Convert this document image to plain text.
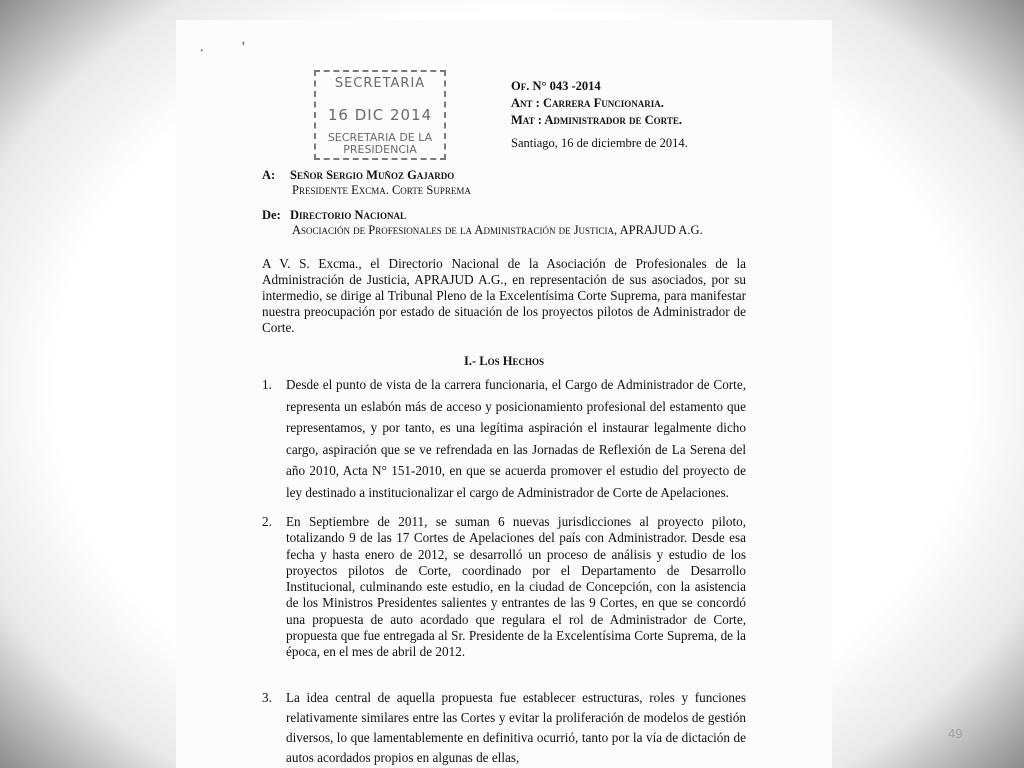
.           '
SECRETARIA
16 DIC 2014
SECRETARIA DE LA PRESIDENCIA
Of. N° 043 -2014
Ant : Carrera Funcionaria.
Mat : Administrador de Corte.
Santiago, 16 de diciembre de 2014.
A: Señor Sergio Muñoz Gajardo
Presidente Excma. Corte Suprema
De: Directorio Nacional
Asociación de Profesionales de la Administración de Justicia, APRAJUD A.G.
A V. S. Excma., el Directorio Nacional de la Asociación de Profesionales de la Administración de Justicia, APRAJUD A.G., en representación de sus asociados, por su intermedio, se dirige al Tribunal Pleno de la Excelentísima Corte Suprema, para manifestar nuestra preocupación por estado de situación de los proyectos pilotos de Administrador de Corte.
I.- Los Hechos
1. Desde el punto de vista de la carrera funcionaria, el Cargo de Administrador de Corte, representa un eslabón más de acceso y posicionamiento profesional del estamento que representamos, y por tanto, es una legítima aspiración el instaurar legalmente dicho cargo, aspiración que se ve refrendada en las Jornadas de Reflexión de La Serena del año 2010, Acta N° 151-2010, en que se acuerda promover el estudio del proyecto de ley destinado a institucionalizar el cargo de Administrador de Corte de Apelaciones.
2. En Septiembre de 2011, se suman 6 nuevas jurisdicciones al proyecto piloto, totalizando 9 de las 17 Cortes de Apelaciones del país con Administrador. Desde esa fecha y hasta enero de 2012, se desarrolló un proceso de análisis y estudio de los proyectos pilotos de Corte, coordinado por el Departamento de Desarrollo Institucional, culminando este estudio, en la ciudad de Concepción, con la asistencia de los Ministros Presidentes salientes y entrantes de las 9 Cortes, en que se concordó una propuesta de auto acordado que regulara el rol de Administrador de Corte, propuesta que fue entregada al Sr. Presidente de la Excelentísima Corte Suprema, de la época, en el mes de abril de 2012.
3. La idea central de aquella propuesta fue establecer estructuras, roles y funciones relativamente similares entre las Cortes y evitar la proliferación de modelos de gestión diversos, lo que lamentablemente en definitiva ocurrió, tanto por la vía de dictación de autos acordados propios en algunas de ellas,
49
